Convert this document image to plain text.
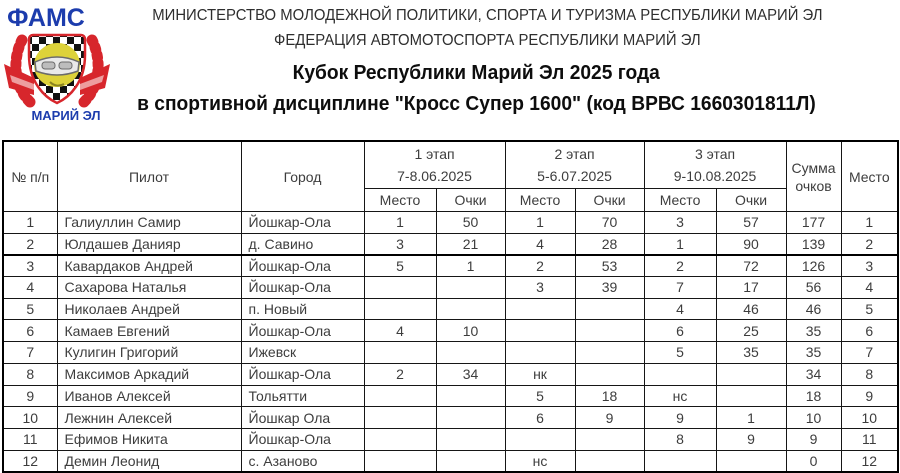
ФАМС
МАРИЙ ЭЛ
МИНИСТЕРСТВО МОЛОДЕЖНОЙ ПОЛИТИКИ, СПОРТА И ТУРИЗМА РЕСПУБЛИКИ МАРИЙ ЭЛ
ФЕДЕРАЦИЯ АВТОМОТОСПОРТА РЕСПУБЛИКИ МАРИЙ ЭЛ
Кубок Республики Марий Эл 2025 года
в спортивной дисциплине "Кросс Супер 1600" (код ВРВС 1660301811Л)
№ п/п	Пилот	Город	
1 этап
7-8.06.2025

2 этап
5-6.07.2025

3 этап
9-10.08.2025

Сумма
очков
	Место
			Место	Очки	Место	Очки	Место	Очки		
1	Галиуллин Самир	Йошкар-Ола	1	50	1	70	3	57	177	1
2	Юлдашев Данияр	д. Савино	3	21	4	28	1	90	139	2
3	Кавардаков Андрей	Йошкар-Ола	5	1	2	53	2	72	126	3
4	Сахарова Наталья	Йошкар-Ола			3	39	7	17	56	4
5	Николаев Андрей	п. Новый					4	46	46	5
6	Камаев Евгений	Йошкар-Ола	4	10			6	25	35	6
7	Кулигин Григорий	Ижевск					5	35	35	7
8	Максимов Аркадий	Йошкар-Ола	2	34	нк				34	8
9	Иванов Алексей	Тольятти			5	18	нс		18	9
10	Лежнин Алексей	Йошкар Ола			6	9	9	1	10	10
11	Ефимов Никита	Йошкар-Ола					8	9	9	11
12	Демин Леонид	с. Азаново			нс				0	12
